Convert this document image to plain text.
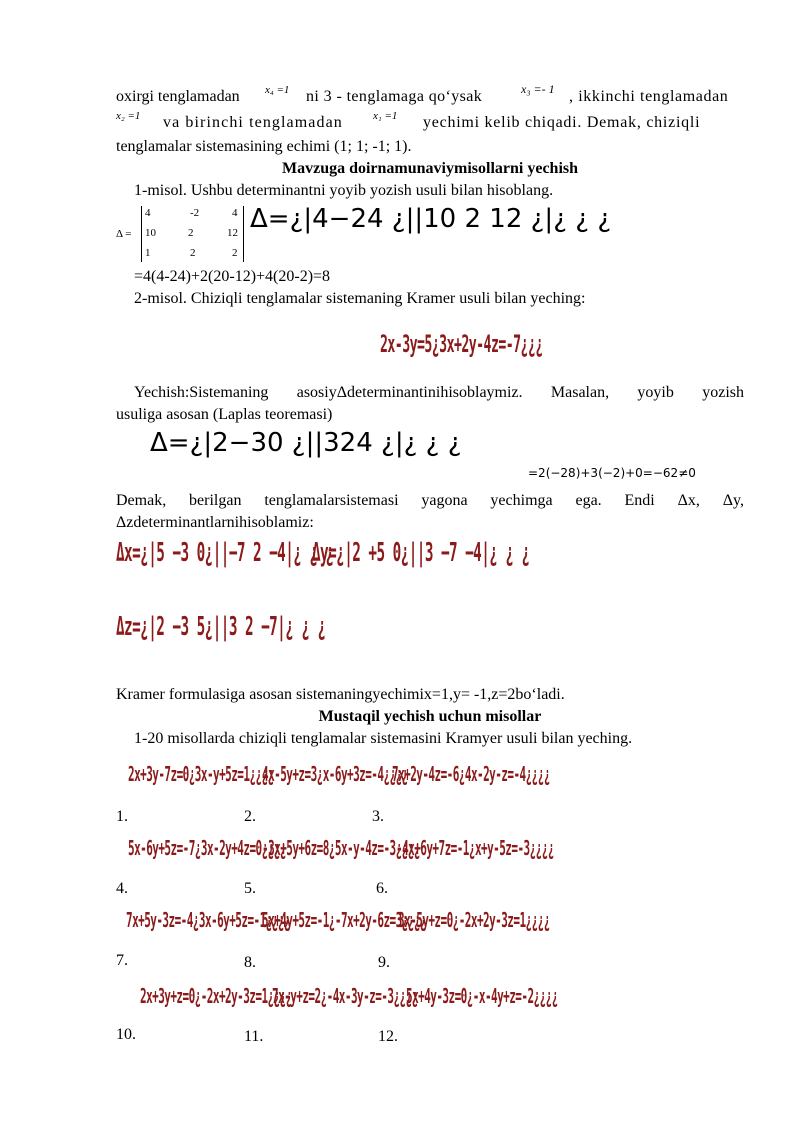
oxirgi tenglamadan x₄ =1 ni 3 - tenglamaga qo‘ysak	x₃ =- 1 , ikkinchi tenglamadan
x₂ =1 va birinchi tenglamadan	x₁ =1 yechimi kelib chiqadi. Demak, chiziqli
tenglamalar sistemasining echimi (1; 1; -1; 1).
Mavzuga doirnamunaviymisollarni yechish
1-misol. Ushbu determinantni yoyib yozish usuli bilan hisoblang.
Δ =
4	-2	4
10	2	12
1	2	2
Δ=¿|4−24 ¿||10 2 12 ¿|¿ ¿ ¿
=4(4-24)+2(20-12)+4(20-2)=8
2-misol. Chiziqli tenglamalar sistemaning Kramer usuli bilan yeching:
2x-3y=5¿3x+2y-4z=-7¿¿¿
Yechish:Sistemaning asosiyΔdeterminantinihisoblaymiz. Masalan, yoyib yozish
usuliga asosan (Laplas teoremasi)
Δ=¿|2−30 ¿||324 ¿|¿ ¿ ¿
=2(−28)+3(−2)+0=−62≠0
Demak, berilgan tenglamalarsistemasi yagona yechimga ega. Endi Δx, Δy,
Δzdeterminantlarnihisoblamiz:
Δx=¿|5 −3 0¿||−7 2 −4|¿ ¿ ¿
Δy=¿|2 +5 0¿||3 −7 −4|¿ ¿ ¿
Δz=¿|2 −3 5¿||3 2 −7|¿ ¿ ¿
Kramer formulasiga asosan sistemaningyechimix=1,y= -1,z=2bo‘ladi.
Mustaqil yechish uchun misollar
1-20 misollarda chiziqli tenglamalar sistemasini Kramyer usuli bilan yeching.
1.
2x+3y-7z=0¿3x-y+5z=1¿¿¿¿
2.
4x-5y+z=3¿x-6y+3z=-4¿¿¿¿
3.
7x+2y-4z=-6¿4x-2y-z=-4¿¿¿¿
4.
5x-6y+5z=-7¿3x-2y+4z=0¿¿¿¿
5.
-3x+5y+6z=8¿5x-y-4z=-3¿¿¿¿
6.
-4x+6y+7z=-1¿x+y-5z=-3¿¿¿¿
7.
7x+5y-3z=-4¿3x-6y+5z=-1¿¿¿¿
8.
5x+4y+5z=-1¿-7x+2y-6z=3¿¿¿¿
9.
3x-5y+z=0¿-2x+2y-3z=1¿¿¿¿
10.
2x+3y+z=0¿-2x+2y-3z=1¿¿¿¿
11.
7x-y+z=2¿-4x-3y-z=-3¿¿¿¿
12.
5x+4y-3z=0¿-x-4y+z=-2¿¿¿¿
